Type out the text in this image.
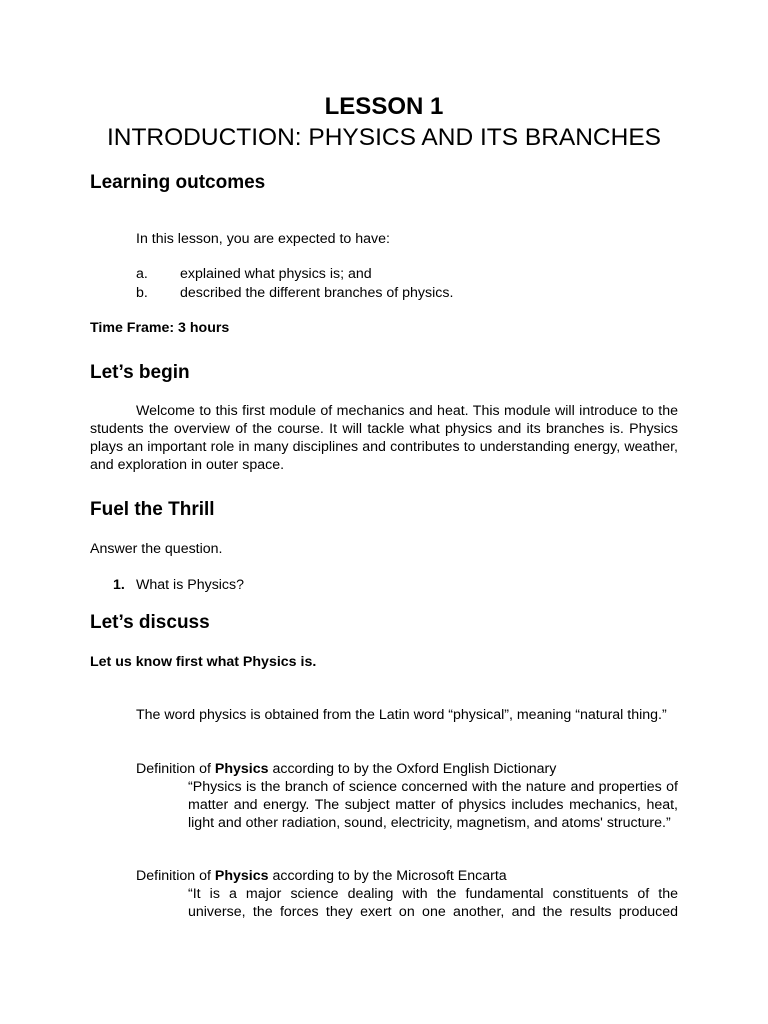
LESSON 1
INTRODUCTION: PHYSICS AND ITS BRANCHES
Learning outcomes
In this lesson, you are expected to have:
a. explained what physics is; and
b. described the different branches of physics.
Time Frame: 3 hours
Let’s begin
Welcome to this first module of mechanics and heat. This module will introduce to the students the overview of the course. It will tackle what physics and its branches is. Physics plays an important role in many disciplines and contributes to understanding energy, weather, and exploration in outer space.
Fuel the Thrill
Answer the question.
1. What is Physics?
Let’s discuss
Let us know first what Physics is.
The word physics is obtained from the Latin word “physical”, meaning “natural thing.”
Definition of Physics according to by the Oxford English Dictionary
“Physics is the branch of science concerned with the nature and properties of matter and energy. The subject matter of physics includes mechanics, heat, light and other radiation, sound, electricity, magnetism, and atoms' structure.”
Definition of Physics according to by the Microsoft Encarta
“It is a major science dealing with the fundamental constituents of the universe, the forces they exert on one another, and the results produced
